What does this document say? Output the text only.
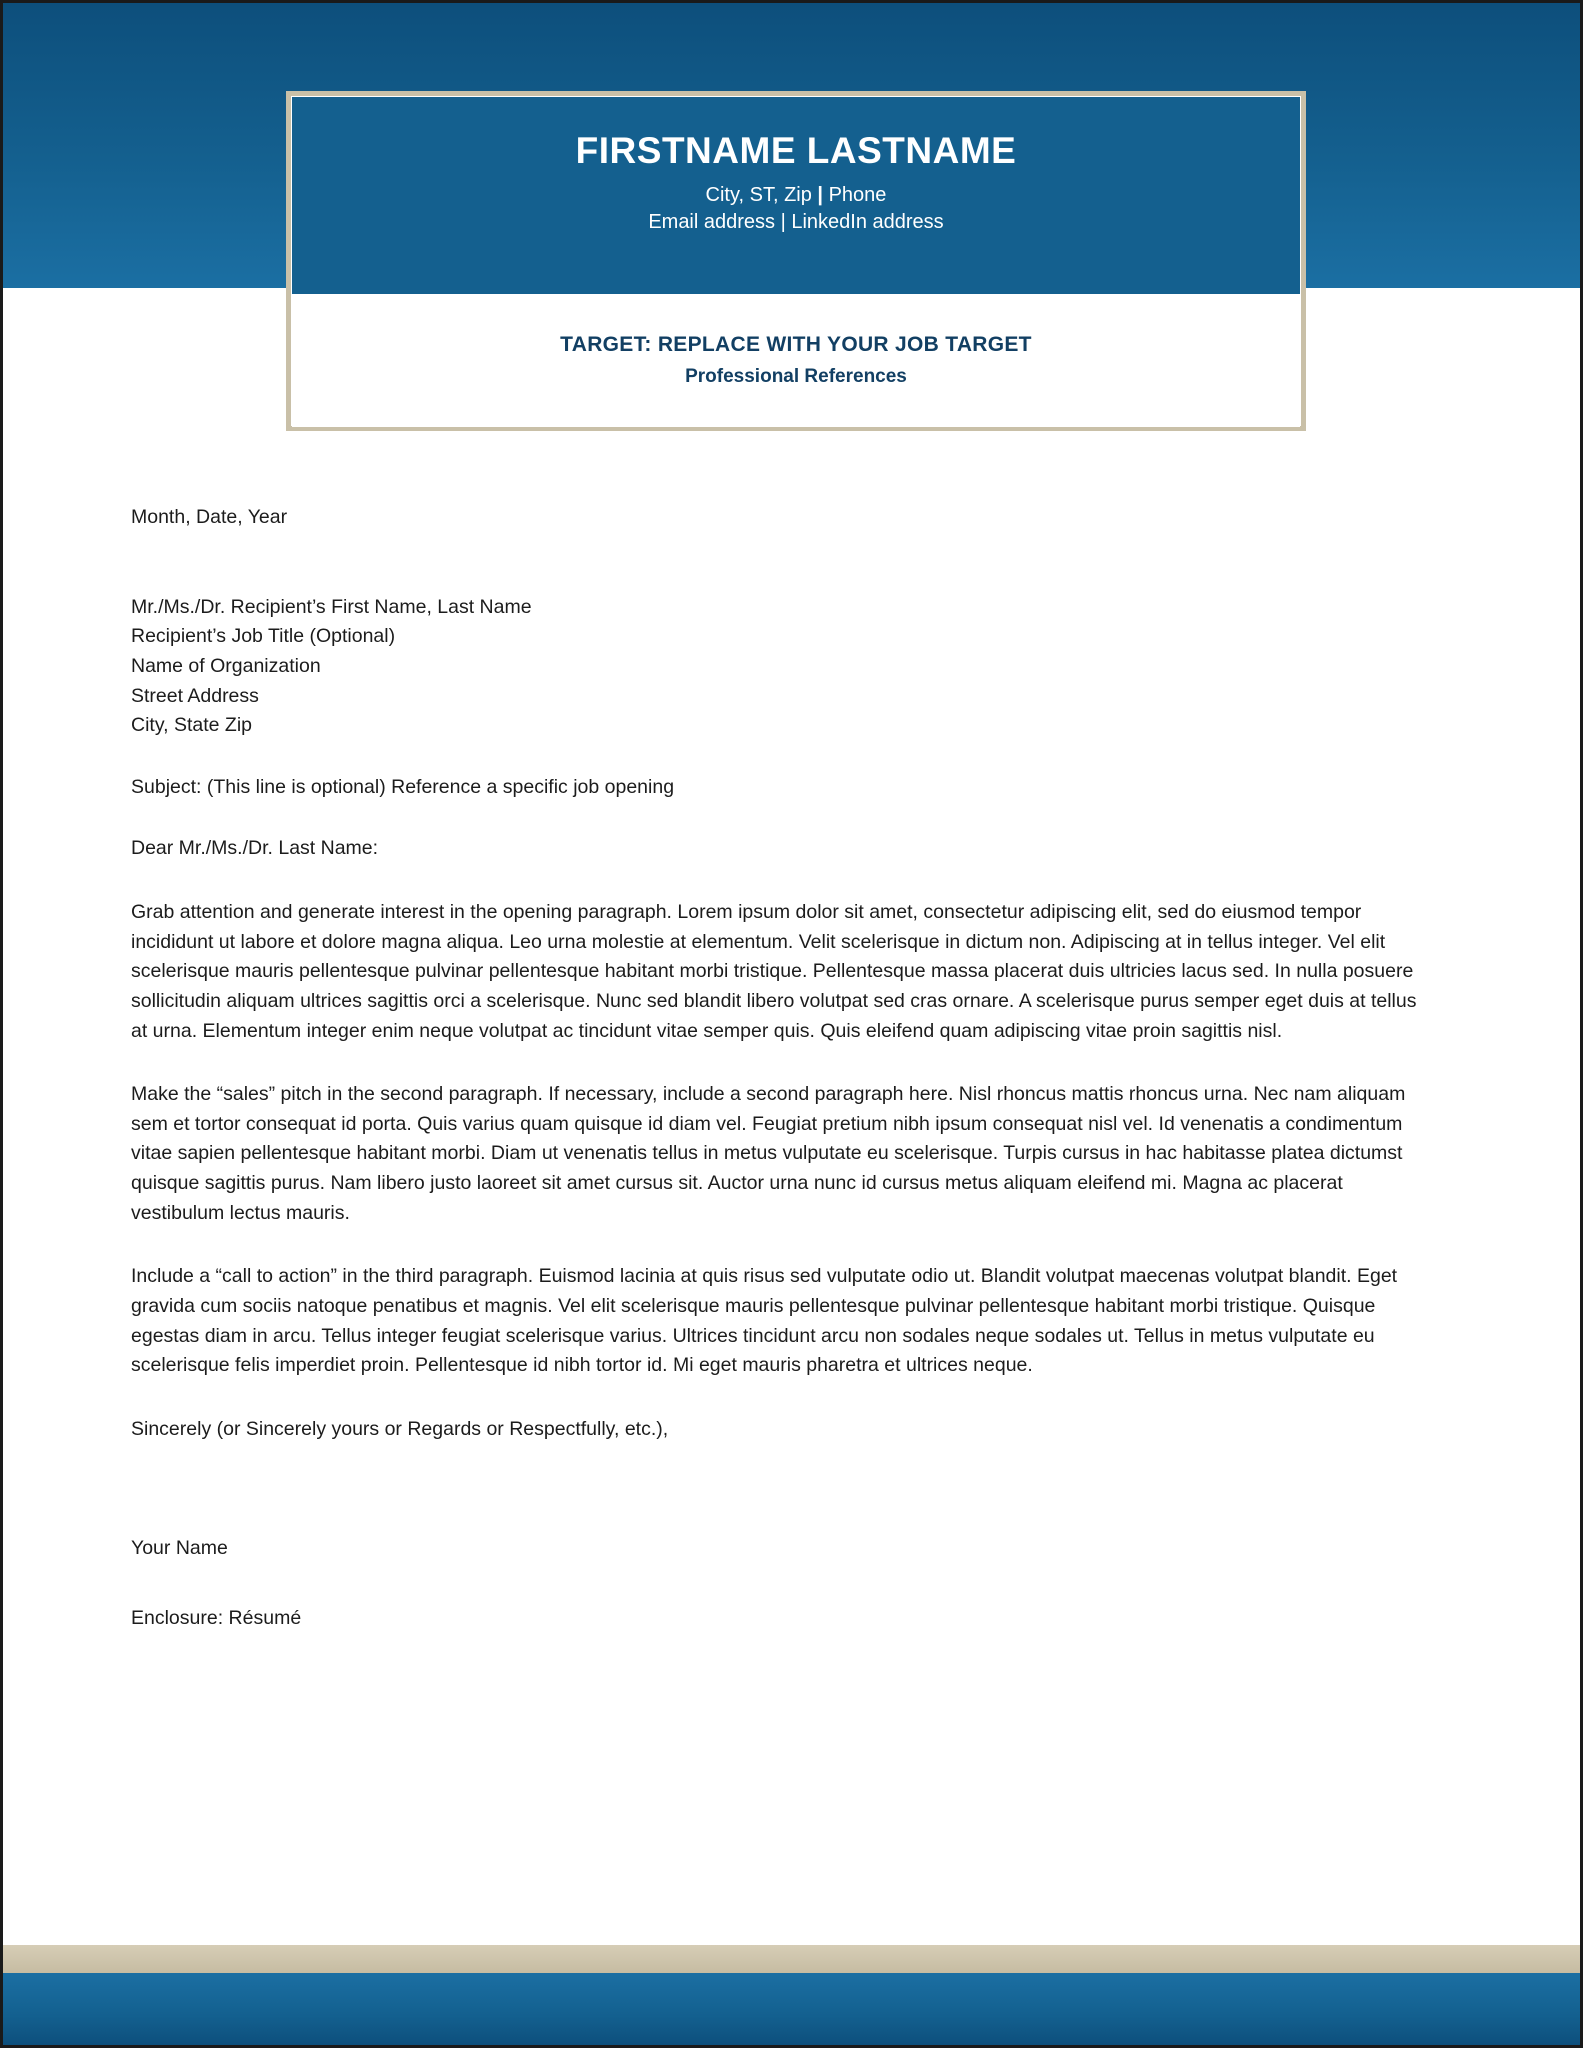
FIRSTNAME LASTNAME
City, ST, Zip | Phone
Email address | LinkedIn address
TARGET: REPLACE WITH YOUR JOB TARGET
Professional References
Month, Date, Year
Mr./Ms./Dr. Recipient’s First Name, Last Name
Recipient’s Job Title (Optional)
Name of Organization
Street Address
City, State Zip
Subject: (This line is optional) Reference a specific job opening
Dear Mr./Ms./Dr. Last Name:

Grab attention and generate interest in the opening paragraph. Lorem ipsum dolor sit amet, consectetur adipiscing elit, sed do eiusmod tempor incididunt ut labore et dolore magna aliqua. Leo urna molestie at elementum. Velit scelerisque in dictum non. Adipiscing at in tellus integer. Vel elit scelerisque mauris pellentesque pulvinar pellentesque habitant morbi tristique. Pellentesque massa placerat duis ultricies lacus sed. In nulla posuere sollicitudin aliquam ultrices sagittis orci a scelerisque. Nunc sed blandit libero volutpat sed cras ornare. A scelerisque purus semper eget duis at tellus at urna. Elementum integer enim neque volutpat ac tincidunt vitae semper quis. Quis eleifend quam adipiscing vitae proin sagittis nisl.

Make the “sales” pitch in the second paragraph. If necessary, include a second paragraph here. Nisl rhoncus mattis rhoncus urna. Nec nam aliquam sem et tortor consequat id porta. Quis varius quam quisque id diam vel. Feugiat pretium nibh ipsum consequat nisl vel. Id venenatis a condimentum vitae sapien pellentesque habitant morbi. Diam ut venenatis tellus in metus vulputate eu scelerisque. Turpis cursus in hac habitasse platea dictumst quisque sagittis purus. Nam libero justo laoreet sit amet cursus sit. Auctor urna nunc id cursus metus aliquam eleifend mi. Magna ac placerat vestibulum lectus mauris.

Include a “call to action” in the third paragraph. Euismod lacinia at quis risus sed vulputate odio ut. Blandit volutpat maecenas volutpat blandit. Eget gravida cum sociis natoque penatibus et magnis. Vel elit scelerisque mauris pellentesque pulvinar pellentesque habitant morbi tristique. Quisque egestas diam in arcu. Tellus integer feugiat scelerisque varius. Ultrices tincidunt arcu non sodales neque sodales ut. Tellus in metus vulputate eu scelerisque felis imperdiet proin. Pellentesque id nibh tortor id. Mi eget mauris pharetra et ultrices neque.

Sincerely (or Sincerely yours or Regards or Respectfully, etc.),
Your Name
Enclosure: Résumé
